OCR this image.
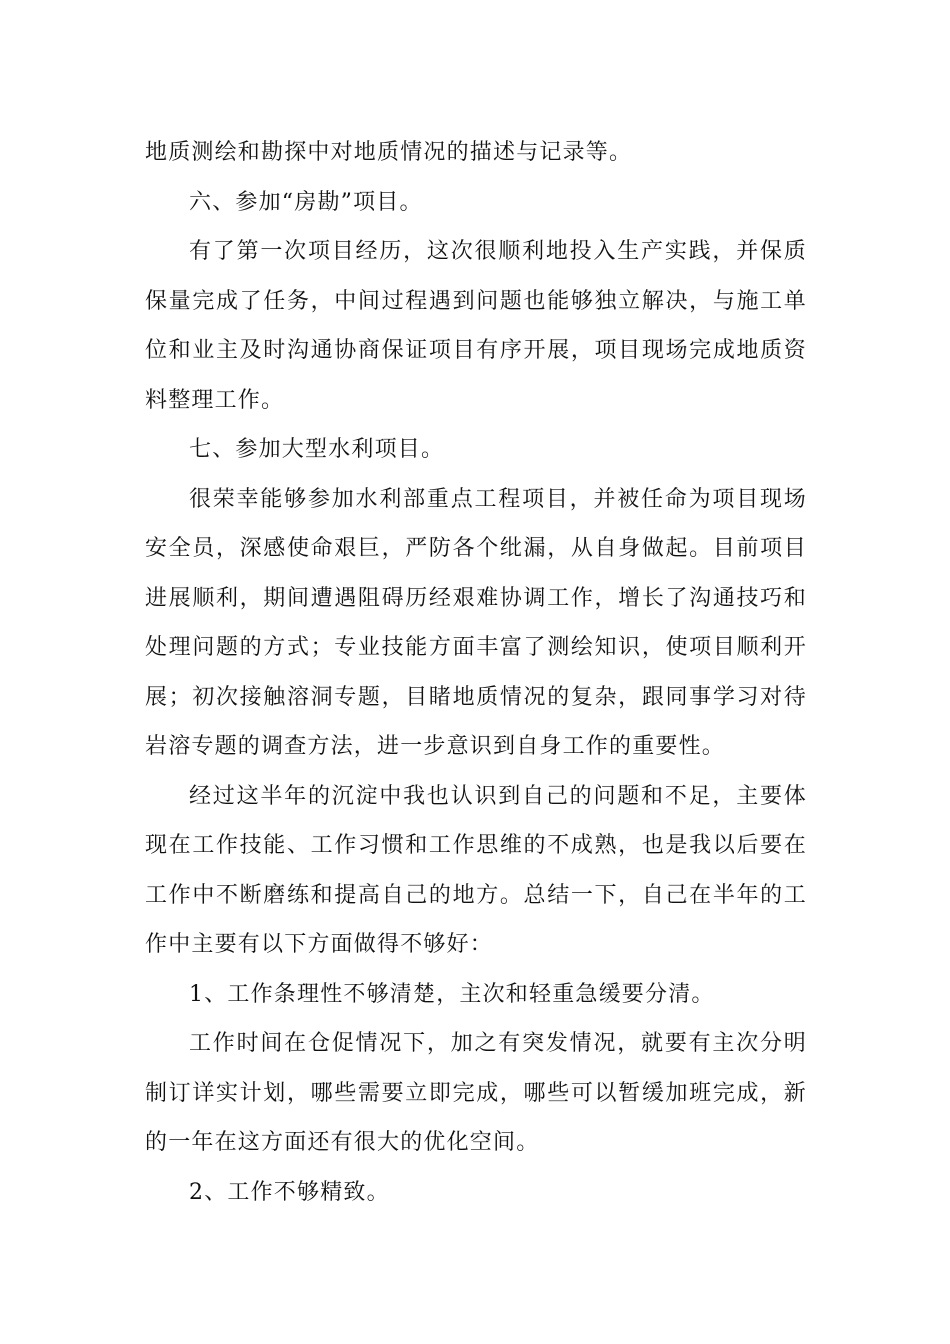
地质测绘和勘探中对地质情况的描述与记录等。

六、参加“房勘”项目。

有了第一次项目经历，这次很顺利地投入生产实践，并保质保量完成了任务，中间过程遇到问题也能够独立解决，与施工单位和业主及时沟通协商保证项目有序开展，项目现场完成地质资料整理工作。

七、参加大型水利项目。

很荣幸能够参加水利部重点工程项目，并被任命为项目现场安全员，深感使命艰巨，严防各个纰漏，从自身做起。目前项目进展顺利，期间遭遇阻碍历经艰难协调工作，增长了沟通技巧和处理问题的方式；专业技能方面丰富了测绘知识，使项目顺利开展；初次接触溶洞专题，目睹地质情况的复杂，跟同事学习对待岩溶专题的调查方法，进一步意识到自身工作的重要性。

经过这半年的沉淀中我也认识到自己的问题和不足，主要体现在工作技能、工作习惯和工作思维的不成熟，也是我以后要在工作中不断磨练和提高自己的地方。总结一下，自己在半年的工作中主要有以下方面做得不够好：

1、工作条理性不够清楚，主次和轻重急缓要分清。

工作时间在仓促情况下，加之有突发情况，就要有主次分明制订详实计划，哪些需要立即完成，哪些可以暂缓加班完成，新的一年在这方面还有很大的优化空间。

2、工作不够精致。
